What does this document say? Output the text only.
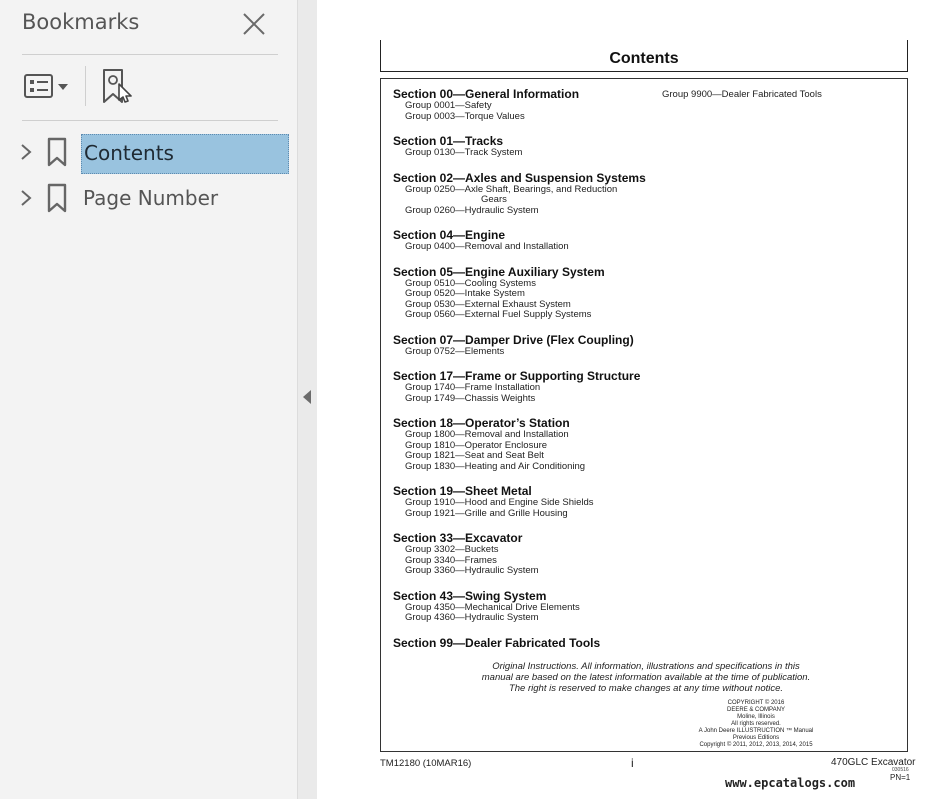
Bookmarks
Contents
Page Number
Contents
Section 00—General Information
Group 0001—Safety
Group 0003—Torque Values
Section 01—Tracks
Group 0130—Track System
Section 02—Axles and Suspension Systems
Group 0250—Axle Shaft, Bearings, and Reduction
Gears
Group 0260—Hydraulic System
Section 04—Engine
Group 0400—Removal and Installation
Section 05—Engine Auxiliary System
Group 0510—Cooling Systems
Group 0520—Intake System
Group 0530—External Exhaust System
Group 0560—External Fuel Supply Systems
Section 07—Damper Drive (Flex Coupling)
Group 0752—Elements
Section 17—Frame or Supporting Structure
Group 1740—Frame Installation
Group 1749—Chassis Weights
Section 18—Operator’s Station
Group 1800—Removal and Installation
Group 1810—Operator Enclosure
Group 1821—Seat and Seat Belt
Group 1830—Heating and Air Conditioning
Section 19—Sheet Metal
Group 1910—Hood and Engine Side Shields
Group 1921—Grille and Grille Housing
Section 33—Excavator
Group 3302—Buckets
Group 3340—Frames
Group 3360—Hydraulic System
Section 43—Swing System
Group 4350—Mechanical Drive Elements
Group 4360—Hydraulic System
Section 99—Dealer Fabricated Tools
Group 9900—Dealer Fabricated Tools
Original Instructions. All information, illustrations and specifications in this
manual are based on the latest information available at the time of publication.
The right is reserved to make changes at any time without notice.
COPYRIGHT © 2016
DEERE & COMPANY
Moline, Illinois
All rights reserved.
A John Deere ILLUSTRUCTION ™ Manual
Previous Editions
Copyright © 2011, 2012, 2013, 2014, 2015
TM12180 (10MAR16)	i	470GLC Excavator
030516
PN=1
www.epcatalogs.com
